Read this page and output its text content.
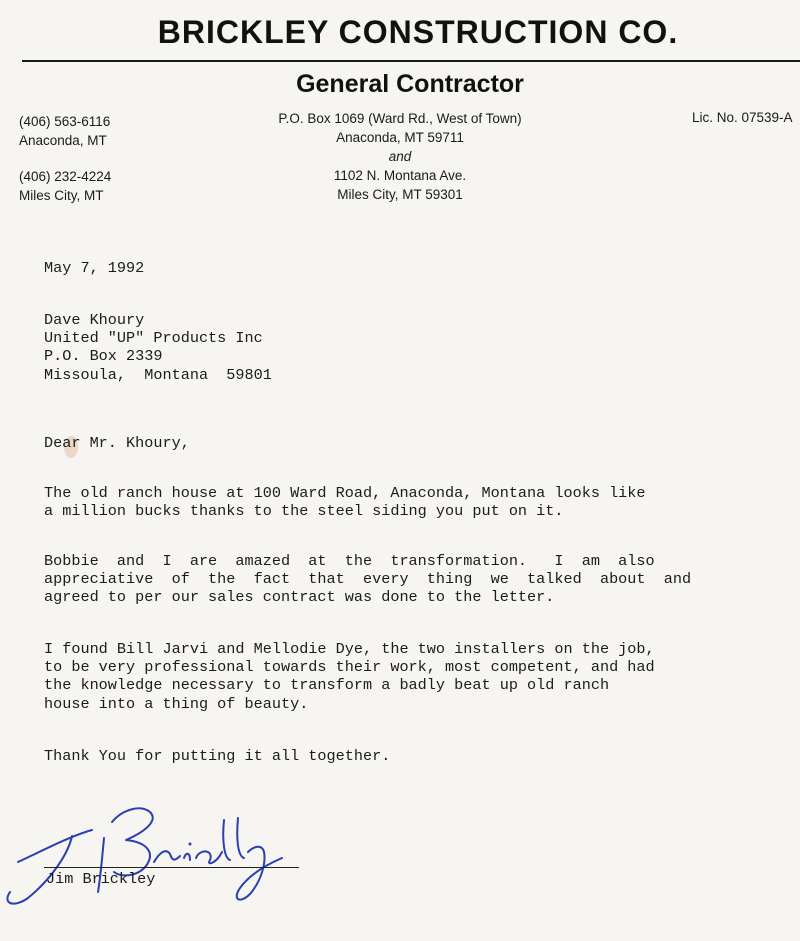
BRICKLEY CONSTRUCTION CO.
General Contractor
(406) 563-6116
Anaconda, MT
(406) 232-4224
Miles City, MT
P.O. Box 1069 (Ward Rd., West of Town)
Anaconda, MT 59711
and
1102 N. Montana Ave.
Miles City, MT 59301
Lic. No. 07539-A
May 7, 1992
Dave Khoury
United "UP" Products Inc
P.O. Box 2339
Missoula,  Montana  59801
Dear Mr. Khoury,
The old ranch house at 100 Ward Road, Anaconda, Montana looks like
a million bucks thanks to the steel siding you put on it.
Bobbie  and  I  are  amazed  at  the  transformation.   I  am  also
appreciative  of  the  fact  that  every  thing  we  talked  about  and
agreed to per our sales contract was done to the letter.
I found Bill Jarvi and Mellodie Dye, the two installers on the job,
to be very professional towards their work, most competent, and had
the knowledge necessary to transform a badly beat up old ranch
house into a thing of beauty.
Thank You for putting it all together.
Jim Brickley
